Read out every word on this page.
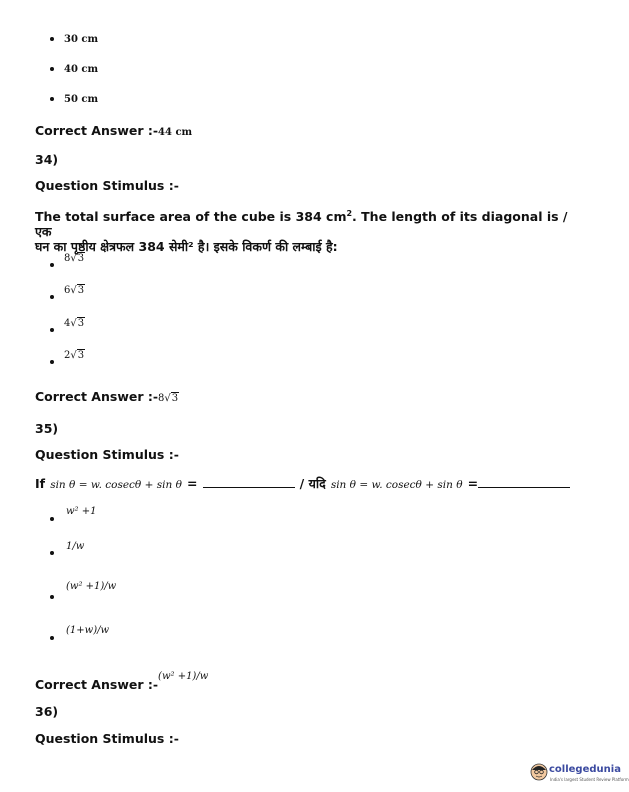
30 cm
40 cm
50 cm
Correct Answer :-44 cm
34)
Question Stimulus :-
The total surface area of the cube is 384 $cm^2$. The length of its diagonal is / एक
घन का पृष्ठीय क्षेत्रफल 384 सेमी² है। इसके विकर्ण की लम्बाई है:
8√3
6√3
4√3
2√3
Correct Answer :-8√3
35)
Question Stimulus :-
If sin θ = w. cosecθ + sin θ =	/ यदि sin θ = w. cosecθ + sin θ =
w² +1
1/w
(w² +1)/w
(1+w)/w
$_{Correct Answer :-}$(w² +1)/w
36)
Question Stimulus :-
collegedunia
India's largest Student Review Platform
